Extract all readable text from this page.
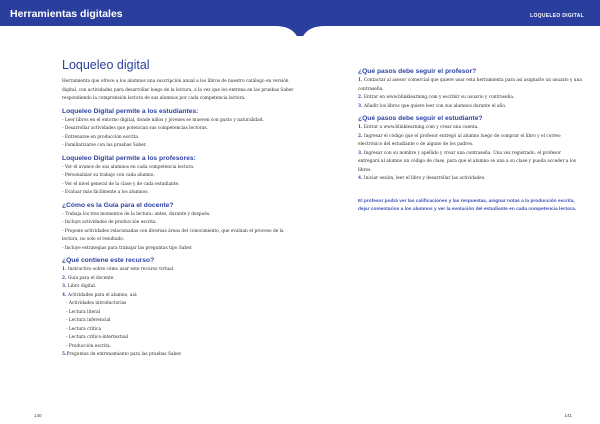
Herramientas digitales	LOQUELEO DIGITAL
Loqueleo digital

Herramienta que ofrece a los alumnos una suscripción anual a los libros de nuestro catálogo en versión digital, con actividades para desarrollar luego de la lectura, a la vez que los entrena en las pruebas Saber respondiendo la comprensión lectora de sus alumnos por cada competencia lectora.

Loqueleo Digital permite a los estudiantes:
- Leer libros en el entorno digital, donde niños y jóvenes se mueven con gusto y naturalidad.
- Desarrollar actividades que potencian sus competencias lectoras.
- Entrenarse en producción escrita.
- Familiarizarse con las pruebas Saber.
Loqueleo Digital permite a los profesores:
- Ver el avance de sus alumnos en cada competencia lectora.
- Personalizar su trabajo con cada alumno.
- Ver el nivel general de la clase y de cada estudiante.
- Evaluar más fácilmente a los alumnos.
¿Cómo es la Guía para el docente?
- Trabaja los tres momentos de la lectura: antes, durante y después.
- Incluye actividades de producción escrita.
- Propone actividades relacionadas con diversas áreas del conocimiento, que evalúan el proceso de la lectura, no solo el resultado.
- Incluye estrategias para trabajar las preguntas tipo Saber.
¿Qué contiene este recurso?
1. Instructivo sobre cómo usar este recurso virtual.
2. Guía para el docente.
3. Libro digital.
4. Actividades para el alumno, así:
- Actividades introductorias
- Lectura literal
- Lectura inferencial
- Lectura crítica
- Lectura crítico-intertextual
- Producción escrita.
5.Preguntas de entrenamiento para las pruebas Saber.
¿Qué pasos debe seguir el profesor?
1. Contactar al asesor comercial que quiere usar esta herramienta para así asignarle un usuario y una contraseña.
2. Entrar en www.blinklearning.com y escribir su usuario y contraseña.
3. Añadir los libros que quiere leer con sus alumnos durante el año.
¿Qué pasos debe seguir el estudiante?
1. Entrar a www.blinklearning.com y crear una cuenta.
2. Ingresar el código que el profesor entregó al alumno luego de comprar el libro y el correo electrónico del estudiante o de alguno de los padres.
3. Ingresar con su nombre y apellido y crear una contraseña. Una vez registrado, el profesor entregará al alumno un código de clase, para que el alumno se una a su clase y pueda acceder a los libros.
4. Iniciar sesión, leer el libro y desarrollar las actividades.

El profesor podrá ver las calificaciones y las respuestas, asignar notas a la producción escrita, dejar comentarios a los alumnos y ver la evolución del estudiante en cada competencia lectora.

140	141
